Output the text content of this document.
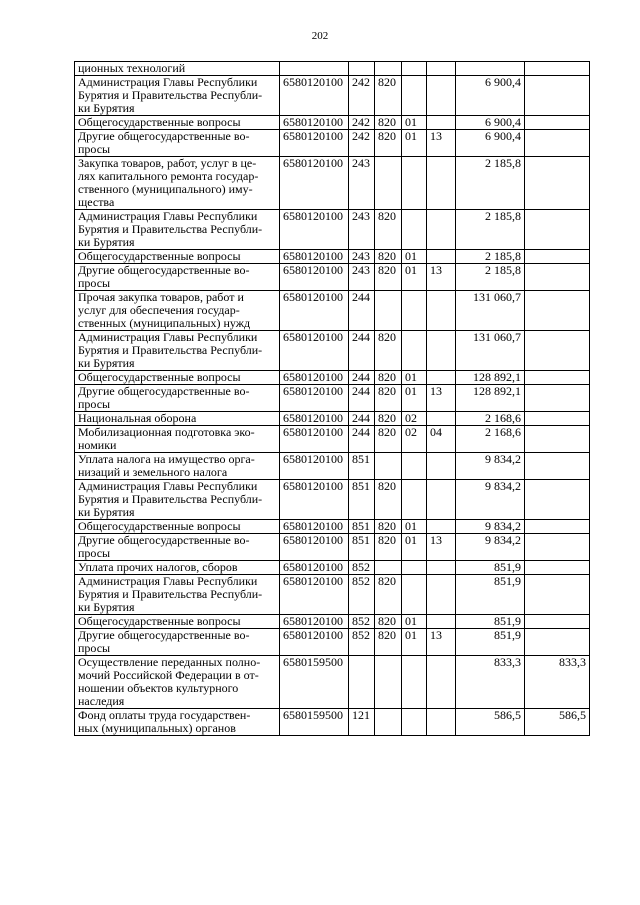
202
ционных технологий							

Администрация Главы Республики
Бурятия и Правительства Республи-
ки Бурятия	6580120100	242	820			6 900,4	

Общегосударственные вопросы	6580120100	242	820	01		6 900,4	

Другие общегосударственные во-
просы	6580120100	242	820	01	13	6 900,4	

Закупка товаров, работ, услуг в це-
лях капитального ремонта государ-
ственного (муниципального) иму-
щества	6580120100	243				2 185,8	

Администрация Главы Республики
Бурятия и Правительства Республи-
ки Бурятия	6580120100	243	820			2 185,8	

Общегосударственные вопросы	6580120100	243	820	01		2 185,8	

Другие общегосударственные во-
просы	6580120100	243	820	01	13	2 185,8	

Прочая закупка товаров, работ и
услуг для обеспечения государ-
ственных (муниципальных) нужд	6580120100	244				131 060,7	

Администрация Главы Республики
Бурятия и Правительства Республи-
ки Бурятия	6580120100	244	820			131 060,7	

Общегосударственные вопросы	6580120100	244	820	01		128 892,1	

Другие общегосударственные во-
просы	6580120100	244	820	01	13	128 892,1	

Национальная оборона	6580120100	244	820	02		2 168,6	

Мобилизационная подготовка эко-
номики	6580120100	244	820	02	04	2 168,6	

Уплата налога на имущество орга-
низаций и земельного налога	6580120100	851				9 834,2	

Администрация Главы Республики
Бурятия и Правительства Республи-
ки Бурятия	6580120100	851	820			9 834,2	

Общегосударственные вопросы	6580120100	851	820	01		9 834,2	

Другие общегосударственные во-
просы	6580120100	851	820	01	13	9 834,2	

Уплата прочих налогов, сборов	6580120100	852				851,9	

Администрация Главы Республики
Бурятия и Правительства Республи-
ки Бурятия	6580120100	852	820			851,9	

Общегосударственные вопросы	6580120100	852	820	01		851,9	

Другие общегосударственные во-
просы	6580120100	852	820	01	13	851,9	

Осуществление переданных полно-
мочий Российской Федерации в от-
ношении объектов культурного
наследия	6580159500					833,3	833,3

Фонд оплаты труда государствен-
ных (муниципальных) органов	6580159500	121				586,5	586,5
